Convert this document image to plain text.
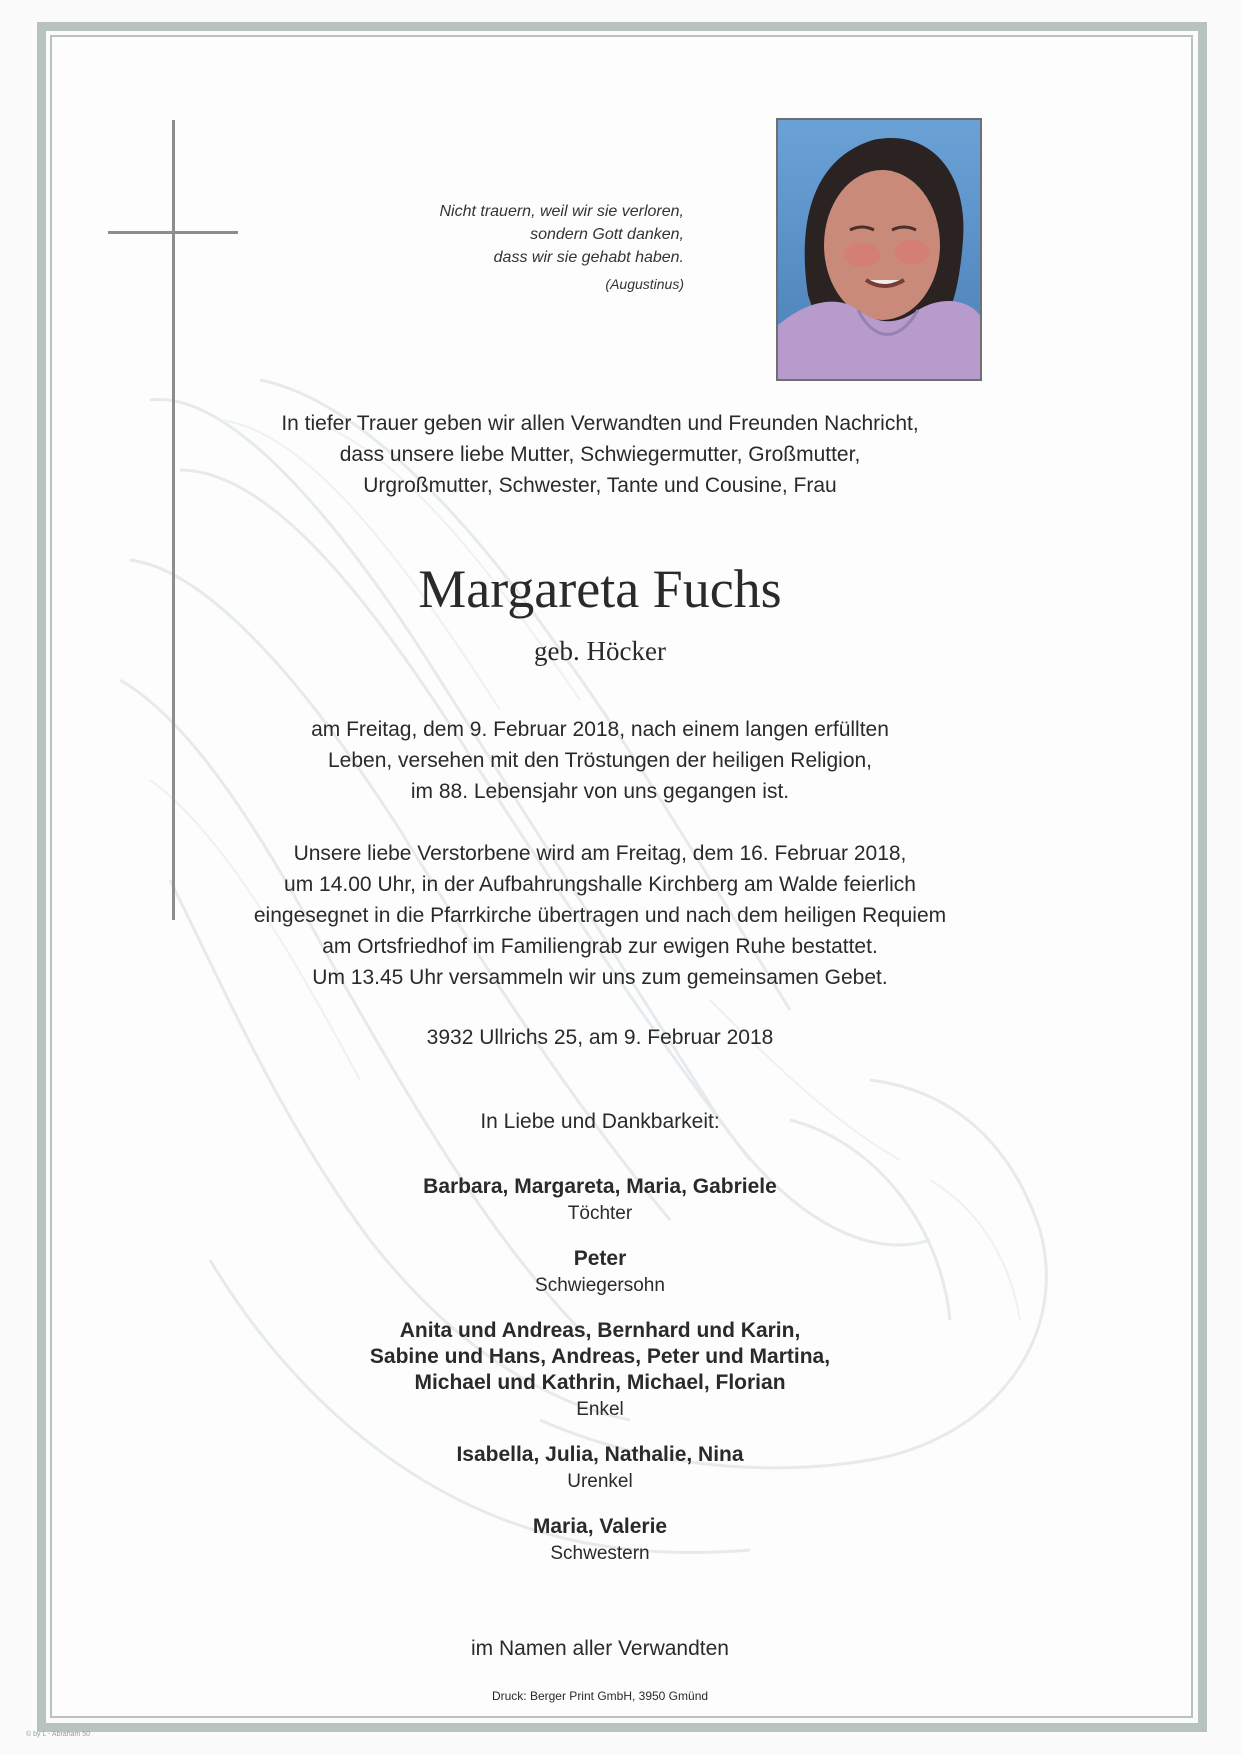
Nicht trauern, weil wir sie verloren,
sondern Gott danken,
dass wir sie gehabt haben.
(Augustinus)
In tiefer Trauer geben wir allen Verwandten und Freunden Nachricht,
dass unsere liebe Mutter, Schwiegermutter, Großmutter,
Urgroßmutter, Schwester, Tante und Cousine, Frau
Margareta Fuchs
geb. Höcker
am Freitag, dem 9. Februar 2018, nach einem langen erfüllten
Leben, versehen mit den Tröstungen der heiligen Religion,
im 88. Lebensjahr von uns gegangen ist.
Unsere liebe Verstorbene wird am Freitag, dem 16. Februar 2018,
um 14.00 Uhr, in der Aufbahrungshalle Kirchberg am Walde feierlich
eingesegnet in die Pfarrkirche übertragen und nach dem heiligen Requiem
am Ortsfriedhof im Familiengrab zur ewigen Ruhe bestattet.
Um 13.45 Uhr versammeln wir uns zum gemeinsamen Gebet.
3932 Ullrichs 25, am 9. Februar 2018
In Liebe und Dankbarkeit:
Barbara, Margareta, Maria, Gabriele
Töchter
Peter
Schwiegersohn
Anita und Andreas, Bernhard und Karin,
Sabine und Hans, Andreas, Peter und Martina,
Michael und Kathrin, Michael, Florian
Enkel
Isabella, Julia, Nathalie, Nina
Urenkel
Maria, Valerie
Schwestern
im Namen aller Verwandten
Druck: Berger Print GmbH, 3950 Gmünd
© by L - Abraham 50
